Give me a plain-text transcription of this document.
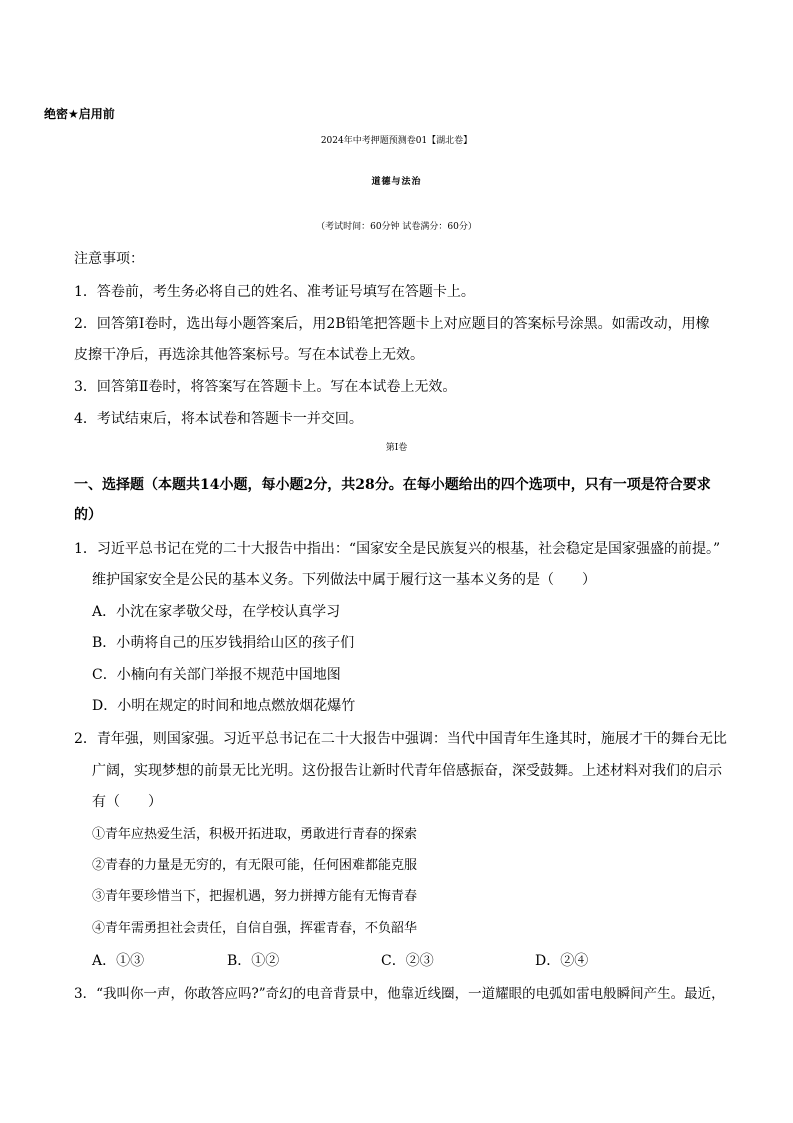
绝密★启用前
2024年中考押题预测卷01【湖北卷】
道德与法治
（考试时间：60分钟 试卷满分：60分）
注意事项：
1．答卷前，考生务必将自己的姓名、准考证号填写在答题卡上。
2．回答第Ⅰ卷时，选出每小题答案后，用2B铅笔把答题卡上对应题目的答案标号涂黑。如需改动，用橡
皮擦干净后，再选涂其他答案标号。写在本试卷上无效。
3．回答第Ⅱ卷时，将答案写在答题卡上。写在本试卷上无效。
4．考试结束后，将本试卷和答题卡一并交回。
第Ⅰ卷
一、选择题（本题共14小题，每小题2分，共28分。在每小题给出的四个选项中，只有一项是符合要求
的）
1．习近平总书记在党的二十大报告中指出：“国家安全是民族复兴的根基，社会稳定是国家强盛的前提。”
维护国家安全是公民的基本义务。下列做法中属于履行这一基本义务的是（　　）
A．小沈在家孝敬父母，在学校认真学习
B．小萌将自己的压岁钱捐给山区的孩子们
C．小楠向有关部门举报不规范中国地图
D．小明在规定的时间和地点燃放烟花爆竹
2．青年强，则国家强。习近平总书记在二十大报告中强调：当代中国青年生逢其时，施展才干的舞台无比
广阔，实现梦想的前景无比光明。这份报告让新时代青年倍感振奋，深受鼓舞。上述材料对我们的启示
有（　　）
①青年应热爱生活，积极开拓进取，勇敢进行青春的探索
②青春的力量是无穷的，有无限可能，任何困难都能克服
③青年要珍惜当下，把握机遇，努力拼搏方能有无悔青春
④青年需勇担社会责任，自信自强，挥霍青春，不负韶华
A．①③	B．①②	C．②③	D．②④
3．“我叫你一声，你敢答应吗?”奇幻的电音背景中，他靠近线圈，一道耀眼的电弧如雷电般瞬间产生。最近，
